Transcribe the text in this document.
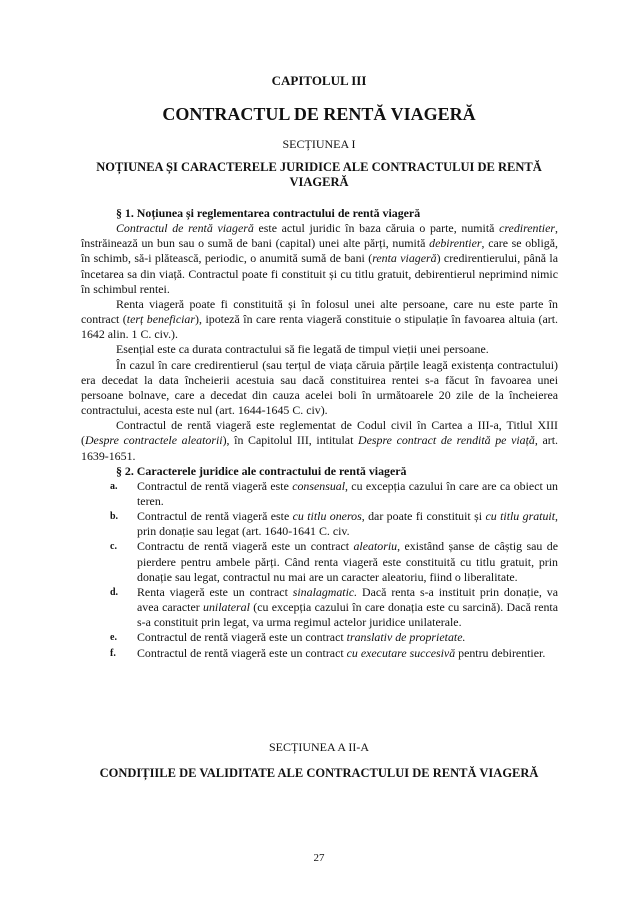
CAPITOLUL III
CONTRACTUL DE RENTĂ VIAGERĂ
SECȚIUNEA I
NOȚIUNEA ȘI CARACTERELE JURIDICE ALE CONTRACTULUI DE RENTĂ VIAGERĂ
§ 1. Noțiunea și reglementarea contractului de rentă viageră

Contractul de rentă viageră este actul juridic în baza căruia o parte, numită credirentier, înstrăinează un bun sau o sumă de bani (capital) unei alte părți, numită debirentier, care se obligă, în schimb, să-i plătească, periodic, o anumită sumă de bani (renta viageră) credirentierului, până la încetarea sa din viață. Contractul poate fi constituit și cu titlu gratuit, debirentierul neprimind nimic în schimbul rentei.

Renta viageră poate fi constituită și în folosul unei alte persoane, care nu este parte în contract (terț beneficiar), ipoteză în care renta viageră constituie o stipulație în favoarea altuia (art. 1642 alin. 1 C. civ.).

Esențial este ca durata contractului să fie legată de timpul vieții unei persoane.

În cazul în care credirentierul (sau terțul de viața căruia părțile leagă existența contractului) era decedat la data încheierii acestuia sau dacă constituirea rentei s-a făcut în favoarea unei persoane bolnave, care a decedat din cauza acelei boli în următoarele 20 zile de la încheierea contractului, acesta este nul (art. 1644-1645 C. civ).

Contractul de rentă viageră este reglementat de Codul civil în Cartea a III-a, Titlul XIII (Despre contractele aleatorii), în Capitolul III, intitulat Despre contract de rendită pe viață, art. 1639-1651.

§ 2. Caracterele juridice ale contractului de rentă viageră
a. Contractul de rentă viageră este consensual, cu excepția cazului în care are ca obiect un teren.
b. Contractul de rentă viageră este cu titlu oneros, dar poate fi constituit și cu titlu gratuit, prin donație sau legat (art. 1640-1641 C. civ.
c. Contractu de rentă viageră este un contract aleatoriu, existând șanse de câștig sau de pierdere pentru ambele părți. Când renta viageră este constituită cu titlu gratuit, prin donație sau legat, contractul nu mai are un caracter aleatoriu, fiind o liberalitate.
d. Renta viageră este un contract sinalagmatic. Dacă renta s-a instituit prin donație, va avea caracter unilateral (cu excepția cazului în care donația este cu sarcină). Dacă renta s-a constituit prin legat, va urma regimul actelor juridice unilaterale.
e. Contractul de rentă viageră este un contract translativ de proprietate.
f. Contractul de rentă viageră este un contract cu executare succesivă pentru debirentier.
SECȚIUNEA A II-A
CONDIȚIILE DE VALIDITATE ALE CONTRACTULUI DE RENTĂ VIAGERĂ
27
